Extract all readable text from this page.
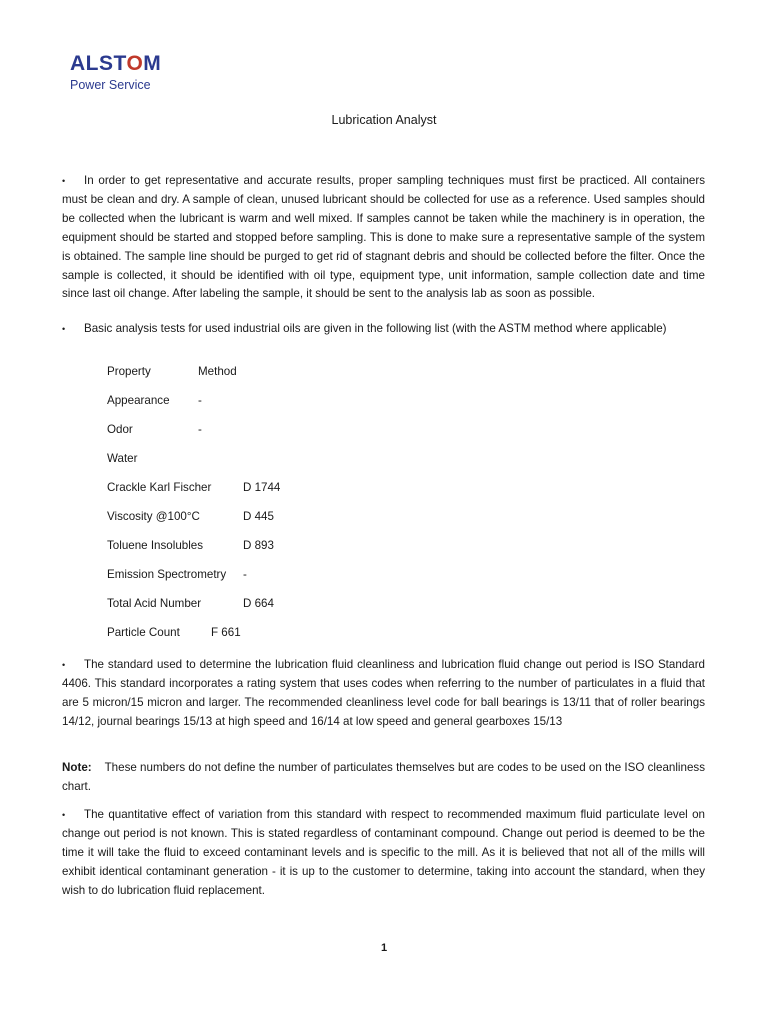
ALSTOM
Power Service
Lubrication Analyst
• In order to get representative and accurate results, proper sampling techniques must first be practiced. All containers must be clean and dry. A sample of clean, unused lubricant should be collected for use as a reference. Used samples should be collected when the lubricant is warm and well mixed. If samples cannot be taken while the machinery is in operation, the equipment should be started and stopped before sampling. This is done to make sure a representative sample of the system is obtained. The sample line should be purged to get rid of stagnant debris and should be collected before the filter. Once the sample is collected, it should be identified with oil type, equipment type, unit information, sample collection date and time since last oil change. After labeling the sample, it should be sent to the analysis lab as soon as possible.
• Basic analysis tests for used industrial oils are given in the following list (with the ASTM method where applicable)
Property	Method
Appearance -
Odor	-
Water
Crackle Karl Fischer	D 1744
Viscosity @100°C	D 445
Toluene Insolubles	D 893
Emission Spectrometry -
Total Acid Number	D 664
Particle Count	F 661
• The standard used to determine the lubrication fluid cleanliness and lubrication fluid change out period is ISO Standard 4406. This standard incorporates a rating system that uses codes when referring to the number of particulates in a fluid that are 5 micron/15 micron and larger. The recommended cleanliness level code for ball bearings is 13/11 that of roller bearings 14/12, journal bearings 15/13 at high speed and 16/14 at low speed and general gearboxes 15/13
Note: These numbers do not define the number of particulates themselves but are codes to be used on the ISO cleanliness chart.
• The quantitative effect of variation from this standard with respect to recommended maximum fluid particulate level on change out period is not known. This is stated regardless of contaminant compound. Change out period is deemed to be the time it will take the fluid to exceed contaminant levels and is specific to the mill. As it is believed that not all of the mills will exhibit identical contaminant generation - it is up to the customer to determine, taking into account the standard, when they wish to do lubrication fluid replacement.
1
